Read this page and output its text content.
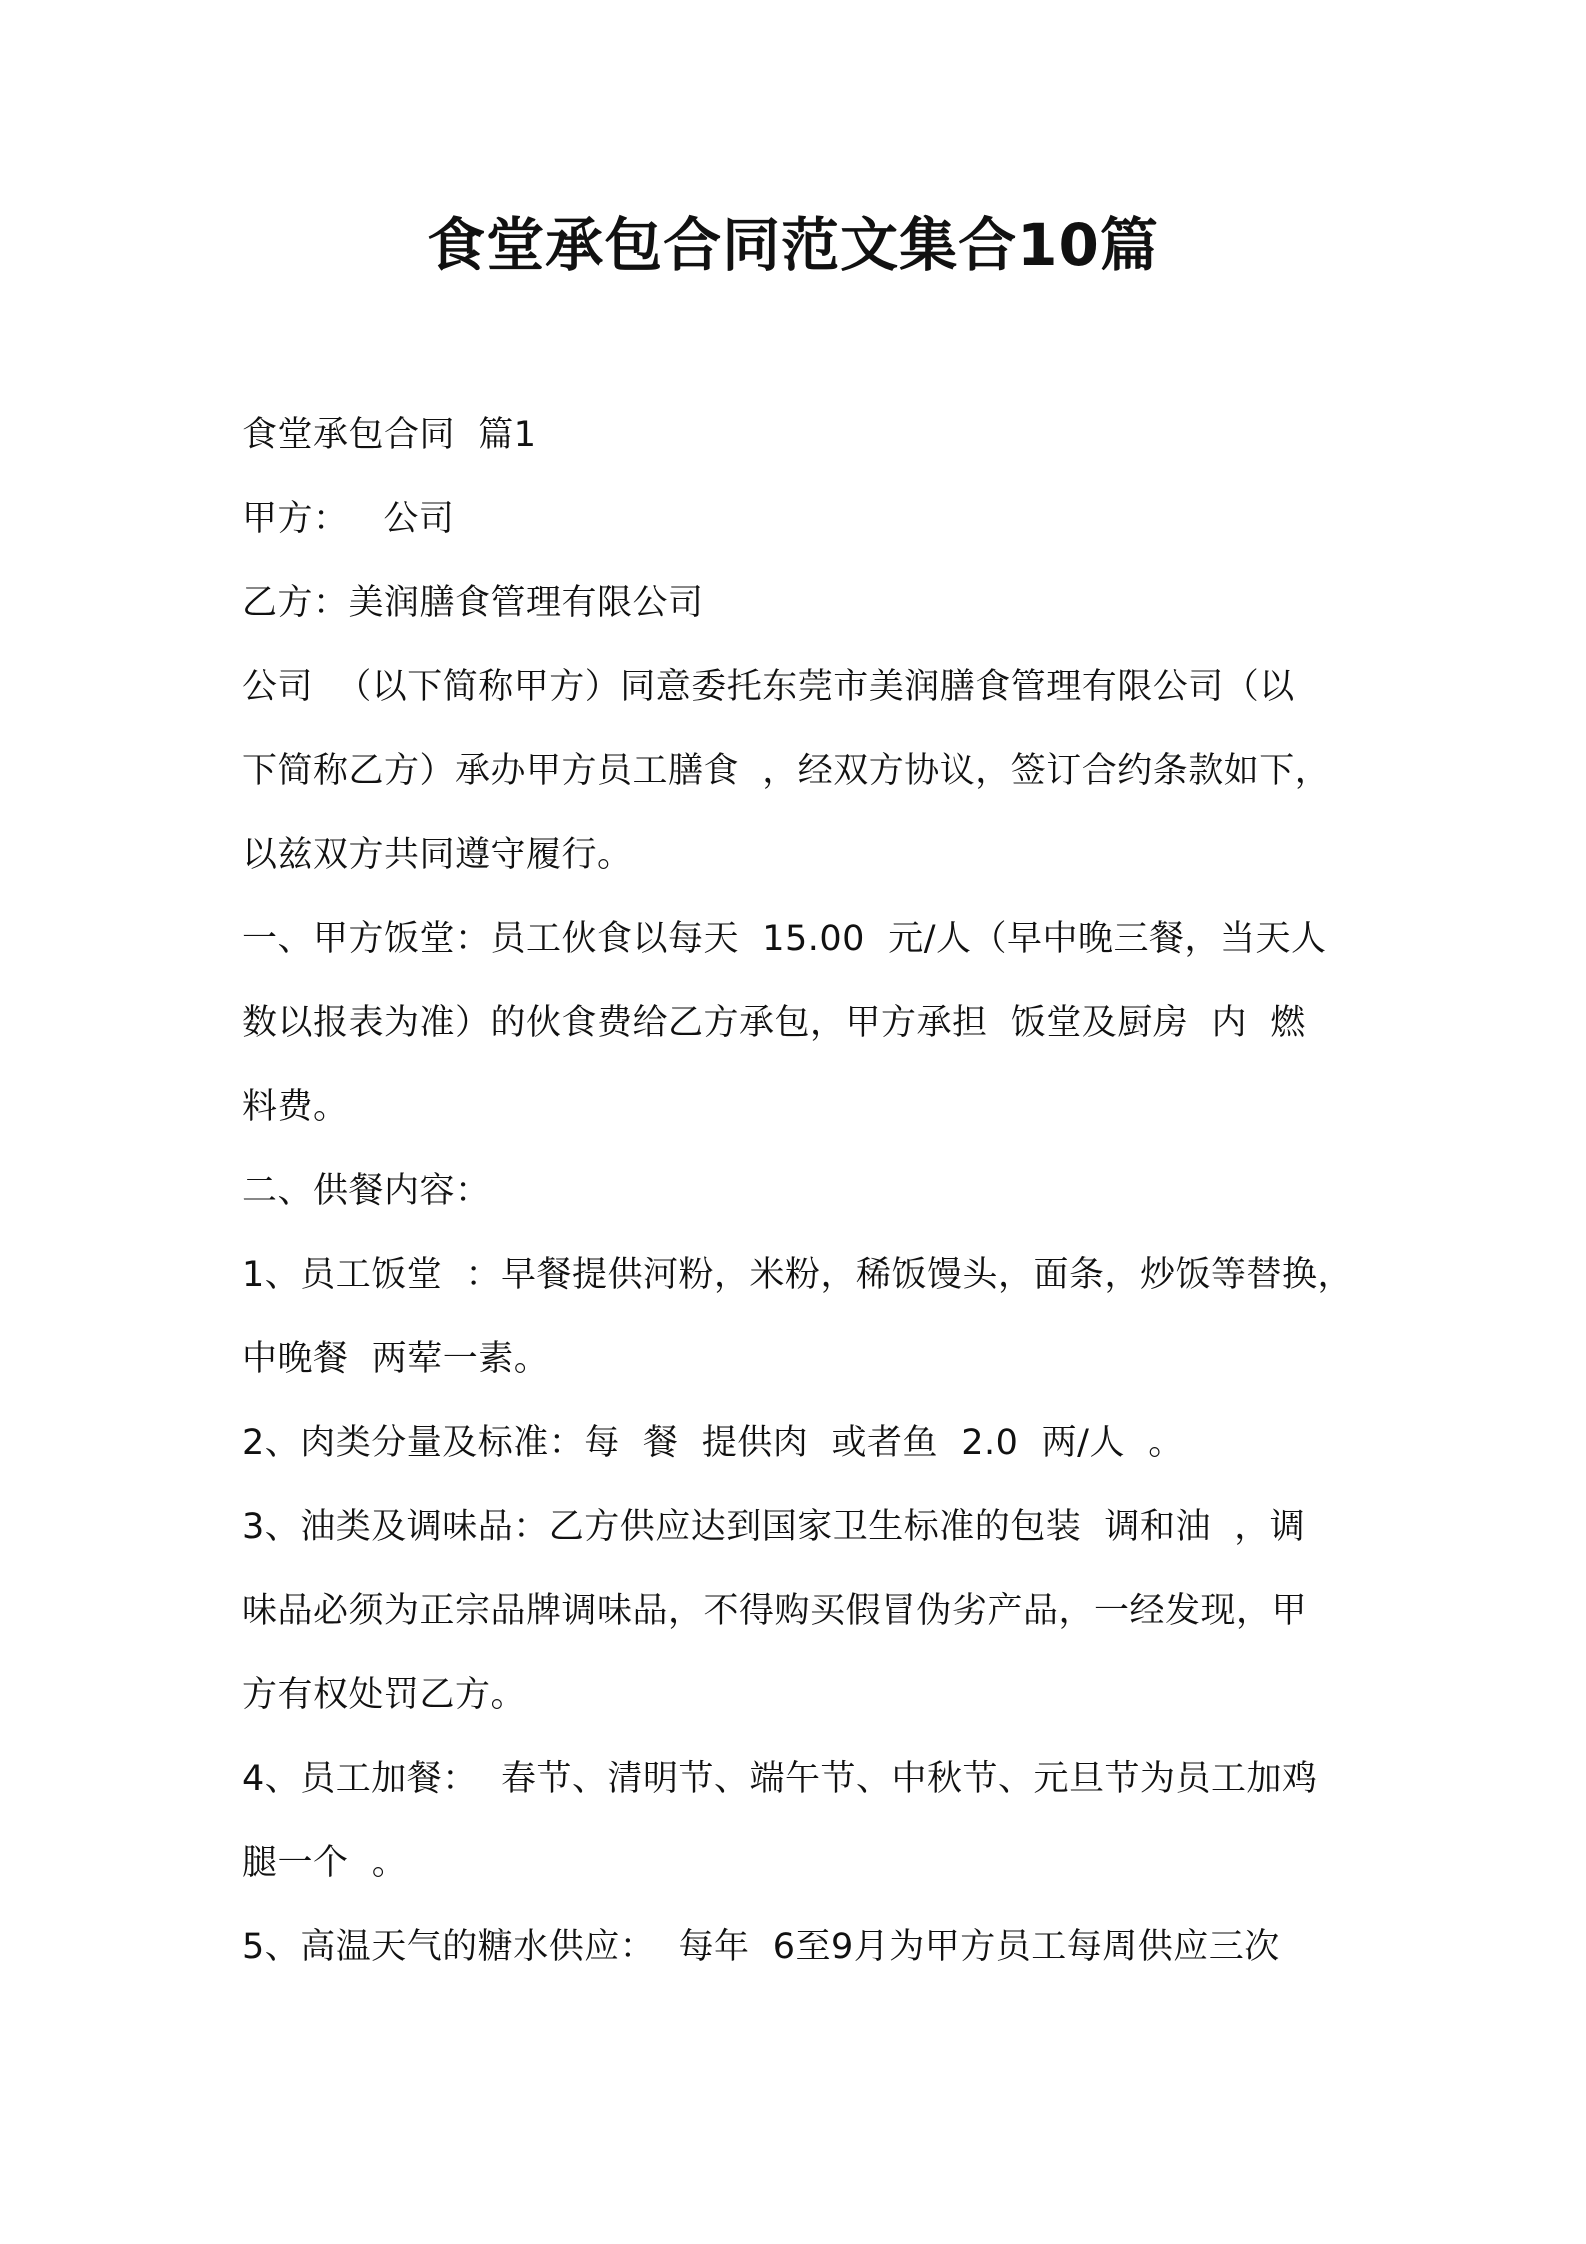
食堂承包合同范文集合10篇
食堂承包合同  篇1
甲方：   公司
乙方：美润膳食管理有限公司
公司  （以下简称甲方）同意委托东莞市美润膳食管理有限公司（以
下简称乙方）承办甲方员工膳食  ，经双方协议，签订合约条款如下，
以兹双方共同遵守履行。
一、甲方饭堂：员工伙食以每天  15.00  元/人（早中晚三餐，当天人
数以报表为准）的伙食费给乙方承包，甲方承担  饭堂及厨房  内  燃
料费。
二、供餐内容：
1、员工饭堂  ：早餐提供河粉，米粉，稀饭馒头，面条，炒饭等替换，
中晚餐  两荤一素。
2、肉类分量及标准：每  餐  提供肉  或者鱼  2.0  两/人  。
3、油类及调味品：乙方供应达到国家卫生标准的包装  调和油  ，调
味品必须为正宗品牌调味品，不得购买假冒伪劣产品，一经发现，甲
方有权处罚乙方。
4、员工加餐：  春节、清明节、端午节、中秋节、元旦节为员工加鸡
腿一个  。
5、高温天气的糖水供应：  每年  6至9月为甲方员工每周供应三次
